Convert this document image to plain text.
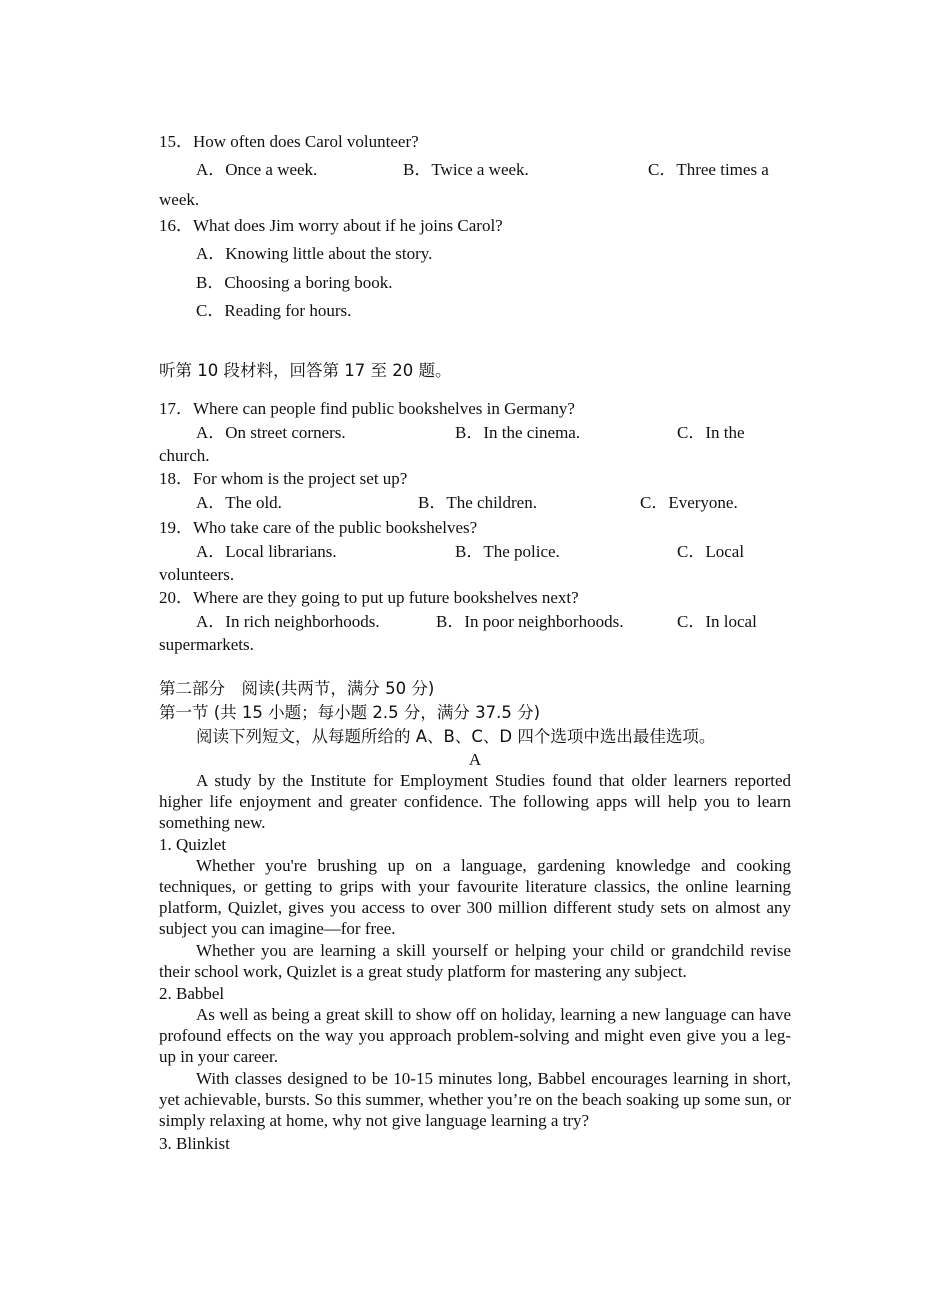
15．How often does Carol volunteer?
A．Once a week.	B．Twice a week.	C．Three times a
week.
16．What does Jim worry about if he joins Carol?
A．Knowing little about the story.
B．Choosing a boring book.
C．Reading for hours.
听第 10 段材料，回答第 17 至 20 题。
17．Where can people find public bookshelves in Germany?
A．On street corners.	B．In the cinema.	C．In the
church.
18．For whom is the project set up?
A．The old.	B．The children.	C．Everyone.
19．Who take care of the public bookshelves?
A．Local librarians.	B．The police.	C．Local
volunteers.
20．Where are they going to put up future bookshelves next?
A．In rich neighborhoods.	B．In poor neighborhoods.	C．In local
supermarkets.
第二部分　阅读(共两节，满分 50 分)
第一节 (共 15 小题；每小题 2.5 分，满分 37.5 分)
阅读下列短文，从每题所给的 A、B、C、D 四个选项中选出最佳选项。
A
A study by the Institute for Employment Studies found that older learners reported higher life enjoyment and greater confidence. The following apps will help you to learn something new.
1. Quizlet
Whether you're brushing up on a language, gardening knowledge and cooking techniques, or getting to grips with your favourite literature classics, the online learning platform, Quizlet, gives you access to over 300 million different study sets on almost any subject you can imagine—for free.
Whether you are learning a skill yourself or helping your child or grandchild revise their school work, Quizlet is a great study platform for mastering any subject.
2. Babbel
As well as being a great skill to show off on holiday, learning a new language can have profound effects on the way you approach problem-solving and might even give you a leg-up in your career.
With classes designed to be 10-15 minutes long, Babbel encourages learning in short, yet achievable, bursts. So this summer, whether you’re on the beach soaking up some sun, or simply relaxing at home, why not give language learning a try?
3. Blinkist
